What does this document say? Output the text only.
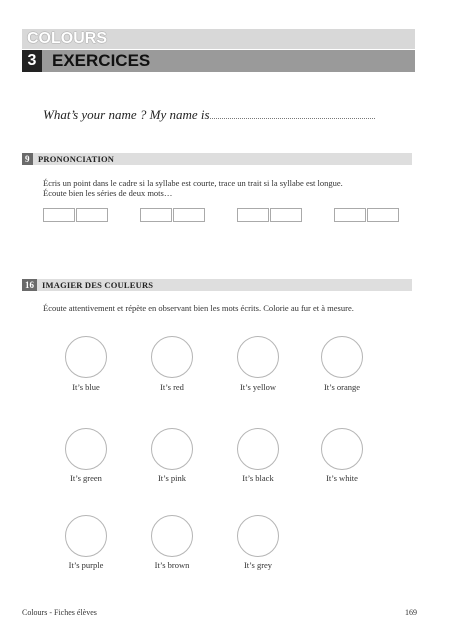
COLOURS
3 EXERCICES
What’s your name ? My name is
9	PRONONCIATION
Écris un point dans le cadre si la syllabe est courte, trace un trait si la syllabe est longue.
Écoute bien les séries de deux mots…
16 IMAGIER DES COULEURS
Écoute attentivement et répète en observant bien les mots écrits. Colorie au fur et à mesure.
It’s blue	It’s red	It’s yellow	It’s orange
It’s green	It’s pink	It’s black	It’s white
It’s purple	It’s brown	It’s grey
Colours - Fiches élèves	169
